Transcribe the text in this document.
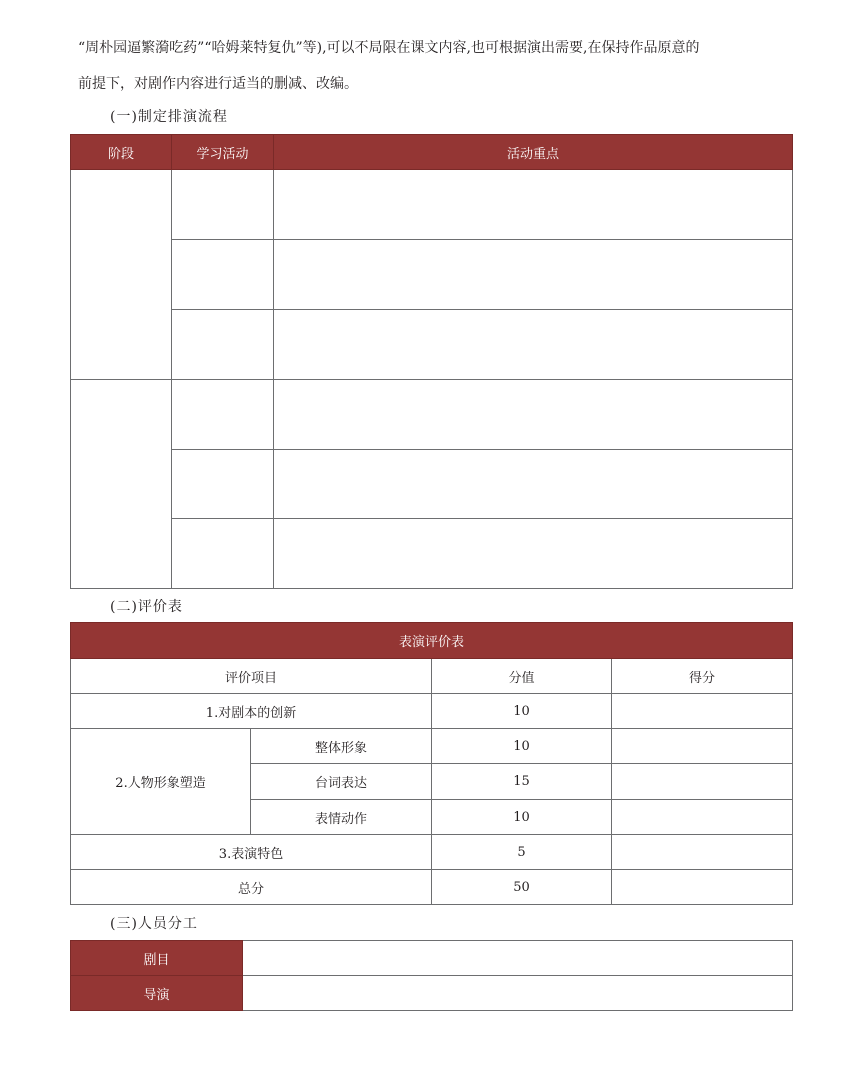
“周朴园逼繁漪吃药”“哈姆莱特复仇”等),可以不局限在课文内容,也可根据演出需要,在保持作品原意的
前提下，对剧作内容进行适当的删减、改编。
(一)制定排演流程
阶段	学习活动	活动重点

(二)评价表
表演评价表			
评价项目		分值	得分
1.对剧本的创新		10	
2.人物形象塑造	整体形象	10	
	台词表达	15	
	表情动作	10	
3.表演特色		5	
总分		50	
(三)人员分工
剧目	
导演	
